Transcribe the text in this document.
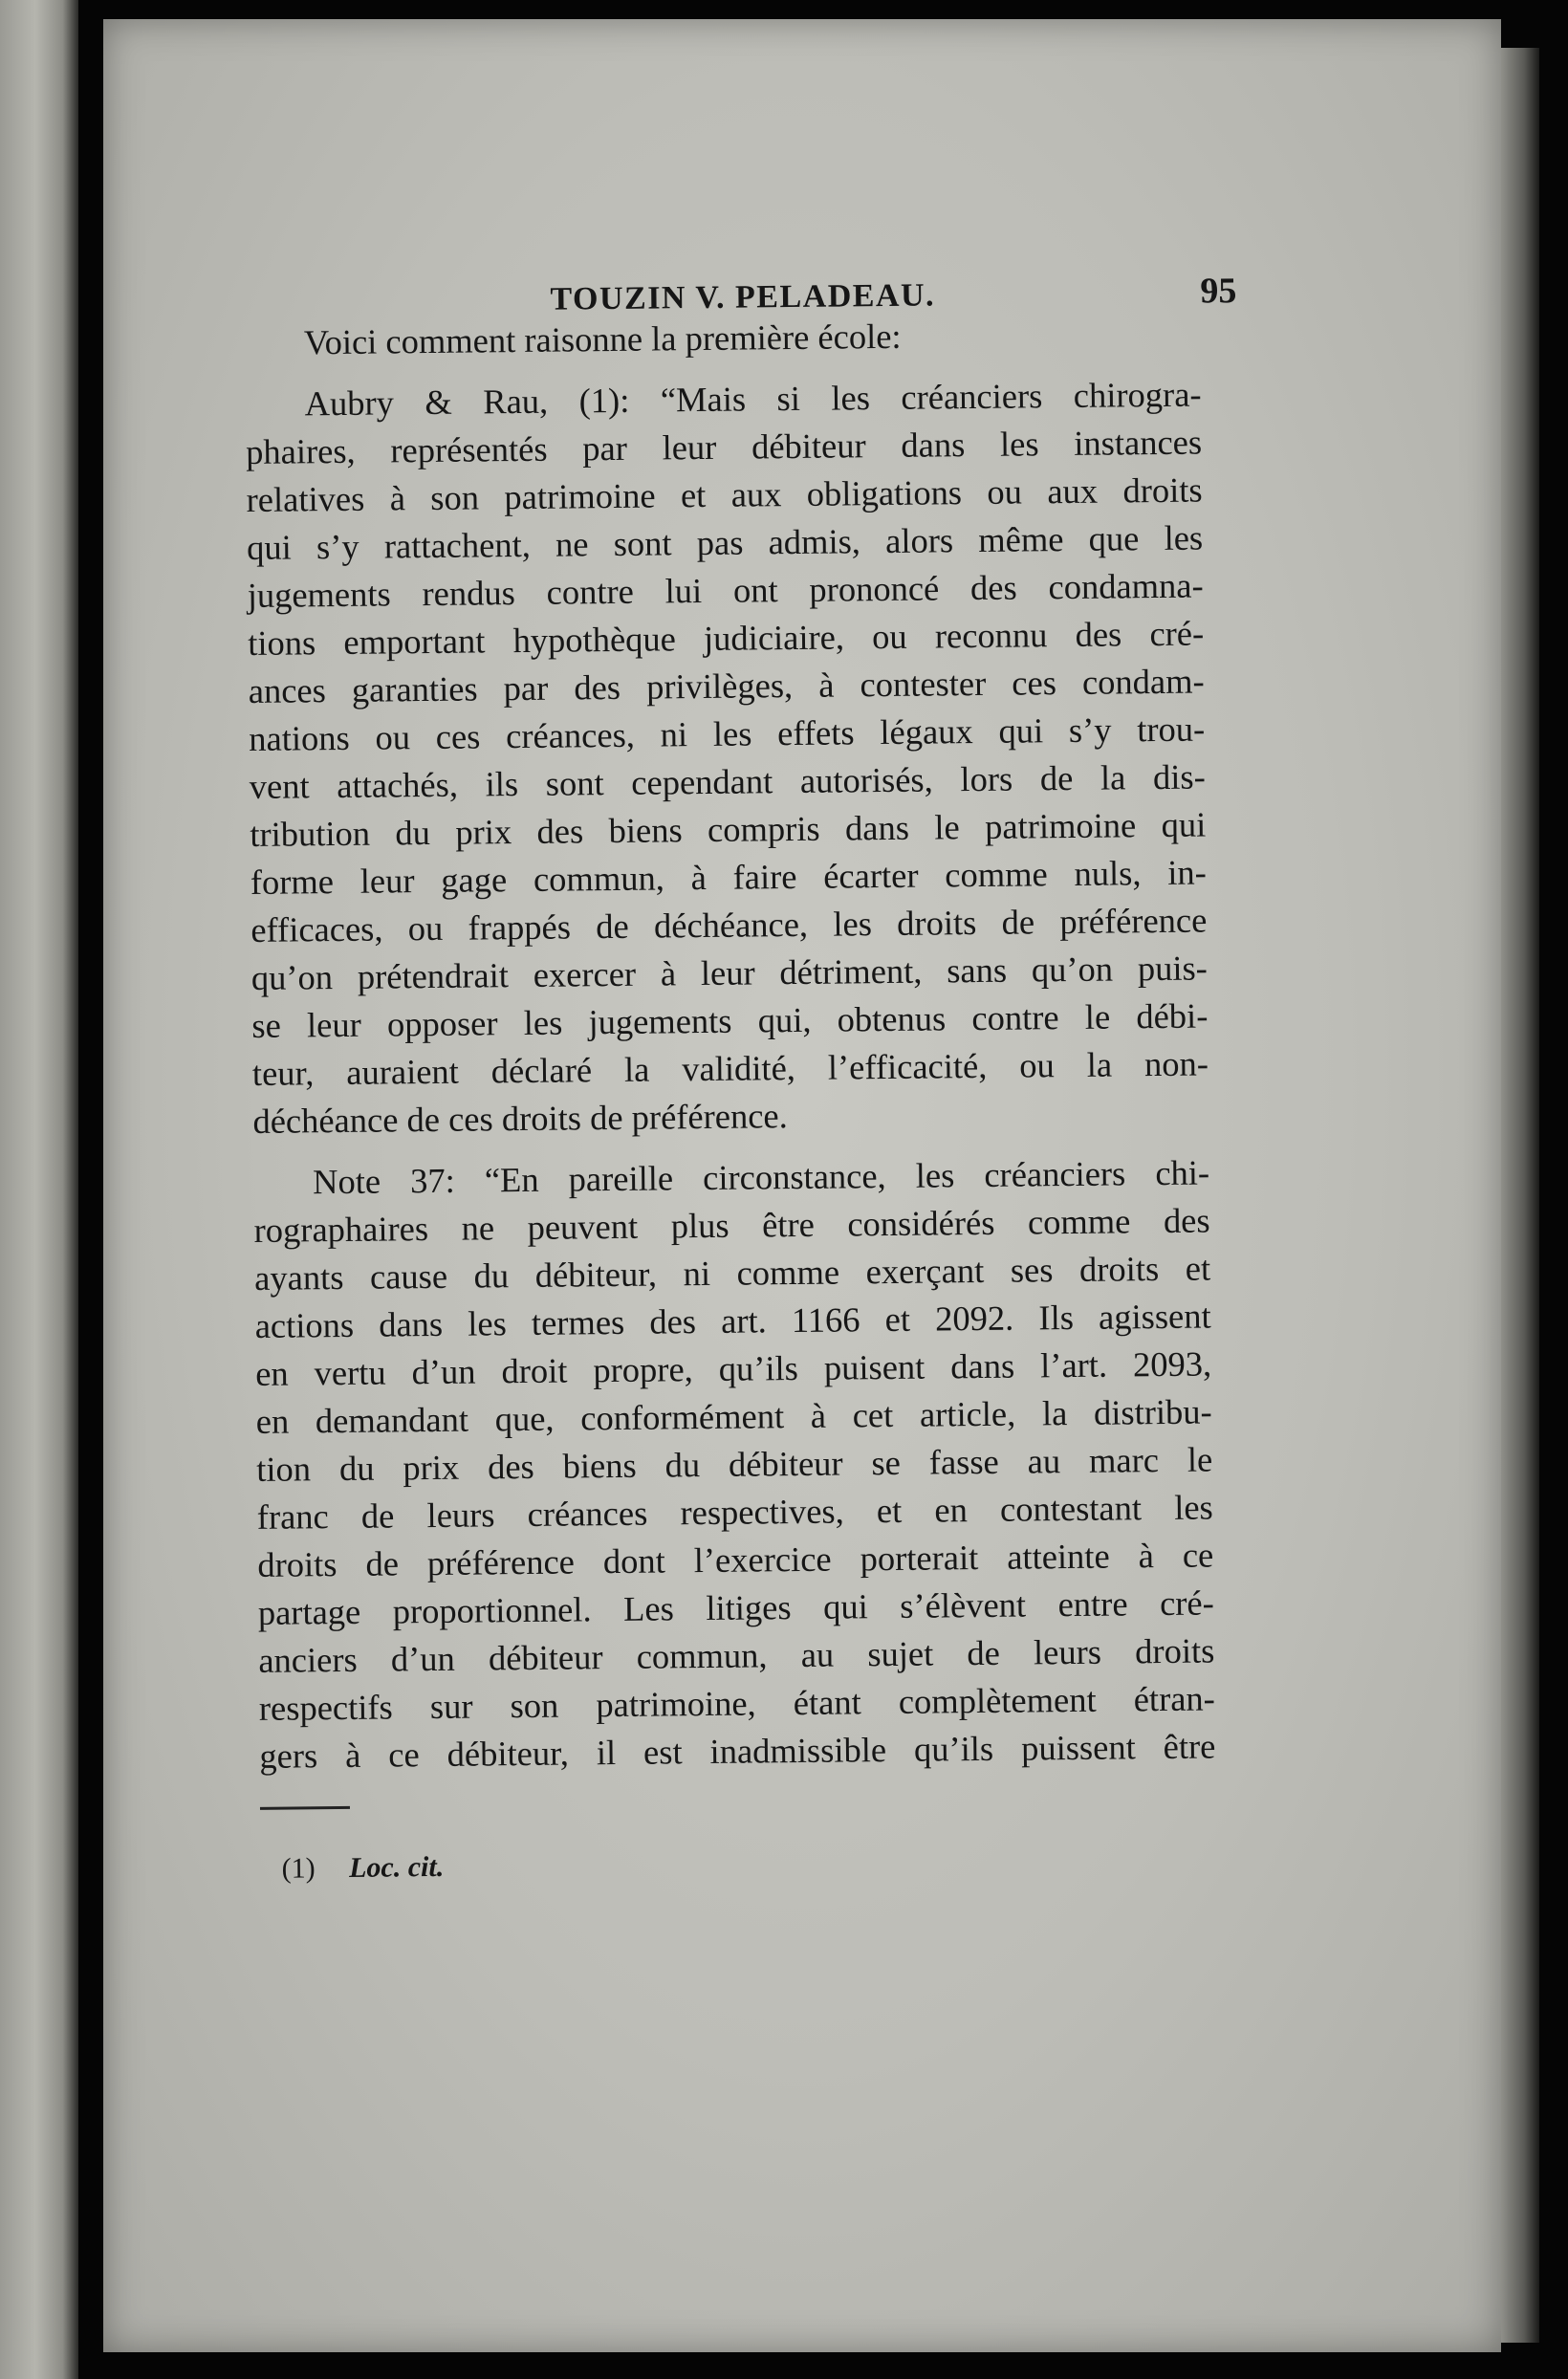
TOUZIN V. PELADEAU.	95
Voici comment raisonne la première école:
Aubry & Rau, (1): “Mais si les créanciers chirogra-
phaires, représentés par leur débiteur dans les instances
relatives à son patrimoine et aux obligations ou aux droits
qui s’y rattachent, ne sont pas admis, alors même que les
jugements rendus contre lui ont prononcé des condamna-
tions emportant hypothèque judiciaire, ou reconnu des cré-
ances garanties par des privilèges, à contester ces condam-
nations ou ces créances, ni les effets légaux qui s’y trou-
vent attachés, ils sont cependant autorisés, lors de la dis-
tribution du prix des biens compris dans le patrimoine qui
forme leur gage commun, à faire écarter comme nuls, in-
efficaces, ou frappés de déchéance, les droits de préférence
qu’on prétendrait exercer à leur détriment, sans qu’on puis-
se leur opposer les jugements qui, obtenus contre le débi-
teur, auraient déclaré la validité, l’efficacité, ou la non-
déchéance de ces droits de préférence.
Note 37: “En pareille circonstance, les créanciers chi-
rographaires ne peuvent plus être considérés comme des
ayants cause du débiteur, ni comme exerçant ses droits et
actions dans les termes des art. 1166 et 2092. Ils agissent
en vertu d’un droit propre, qu’ils puisent dans l’art. 2093,
en demandant que, conformément à cet article, la distribu-
tion du prix des biens du débiteur se fasse au marc le
franc de leurs créances respectives, et en contestant les
droits de préférence dont l’exercice porterait atteinte à ce
partage proportionnel. Les litiges qui s’élèvent entre cré-
anciers d’un débiteur commun, au sujet de leurs droits
respectifs sur son patrimoine, étant complètement étran-
gers à ce débiteur, il est inadmissible qu’ils puissent être
(1) Loc. cit.
